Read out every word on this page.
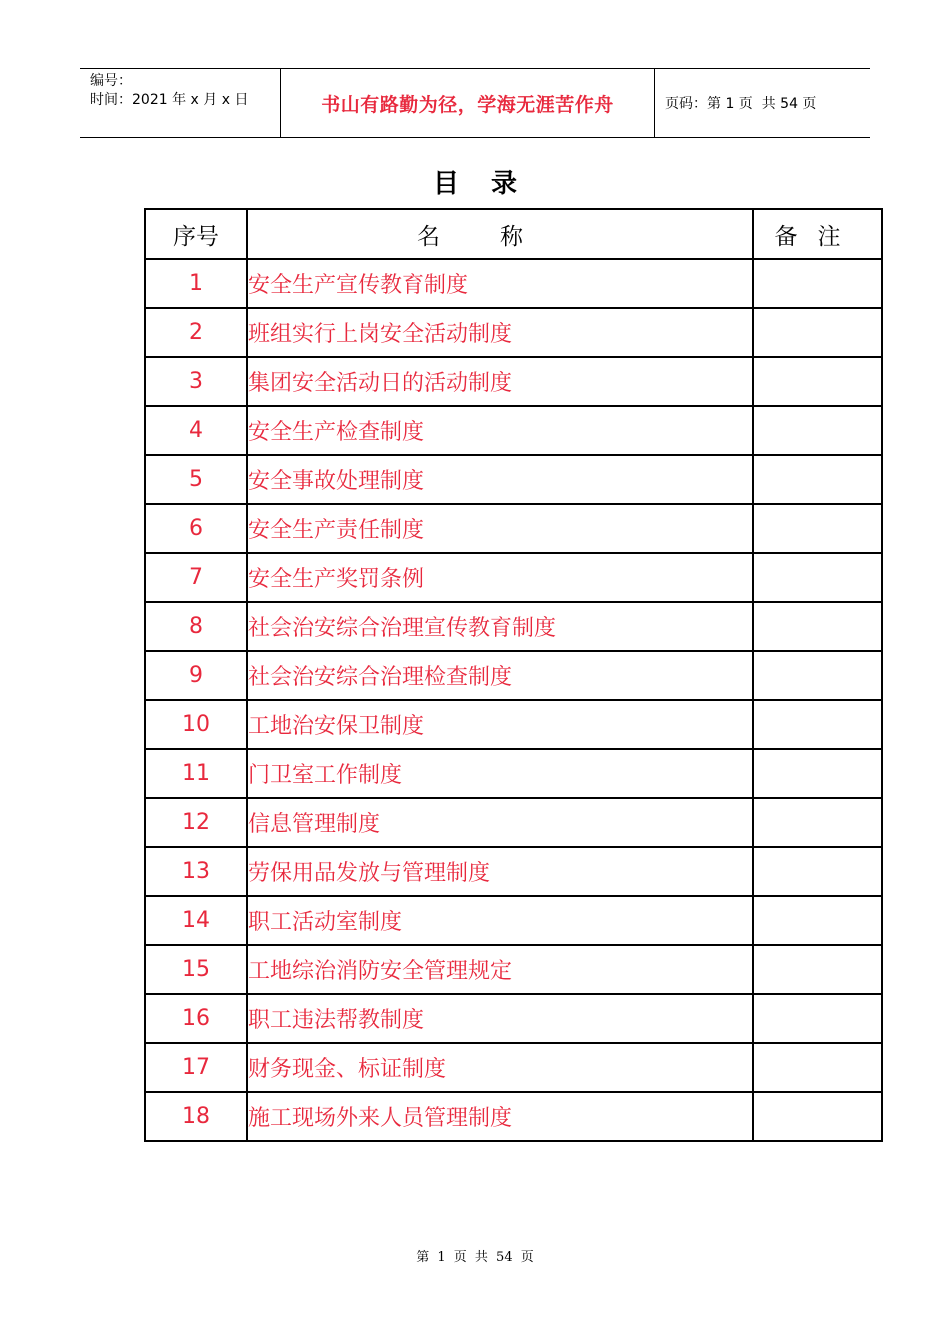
编号：
时间：2021 年 x 月 x 日	书山有路勤为径，学海无涯苦作舟	页码：第 1 页  共 54 页
目录
序号	名称	备注
1	安全生产宣传教育制度	
2	班组实行上岗安全活动制度	
3	集团安全活动日的活动制度	
4	安全生产检查制度	
5	安全事故处理制度	
6	安全生产责任制度	
7	安全生产奖罚条例	
8	社会治安综合治理宣传教育制度	
9	社会治安综合治理检查制度	
10	工地治安保卫制度	
11	门卫室工作制度	
12	信息管理制度	
13	劳保用品发放与管理制度	
14	职工活动室制度	
15	工地综治消防安全管理规定	
16	职工违法帮教制度	
17	财务现金、标证制度	
18	施工现场外来人员管理制度	
第 1 页 共 54 页
